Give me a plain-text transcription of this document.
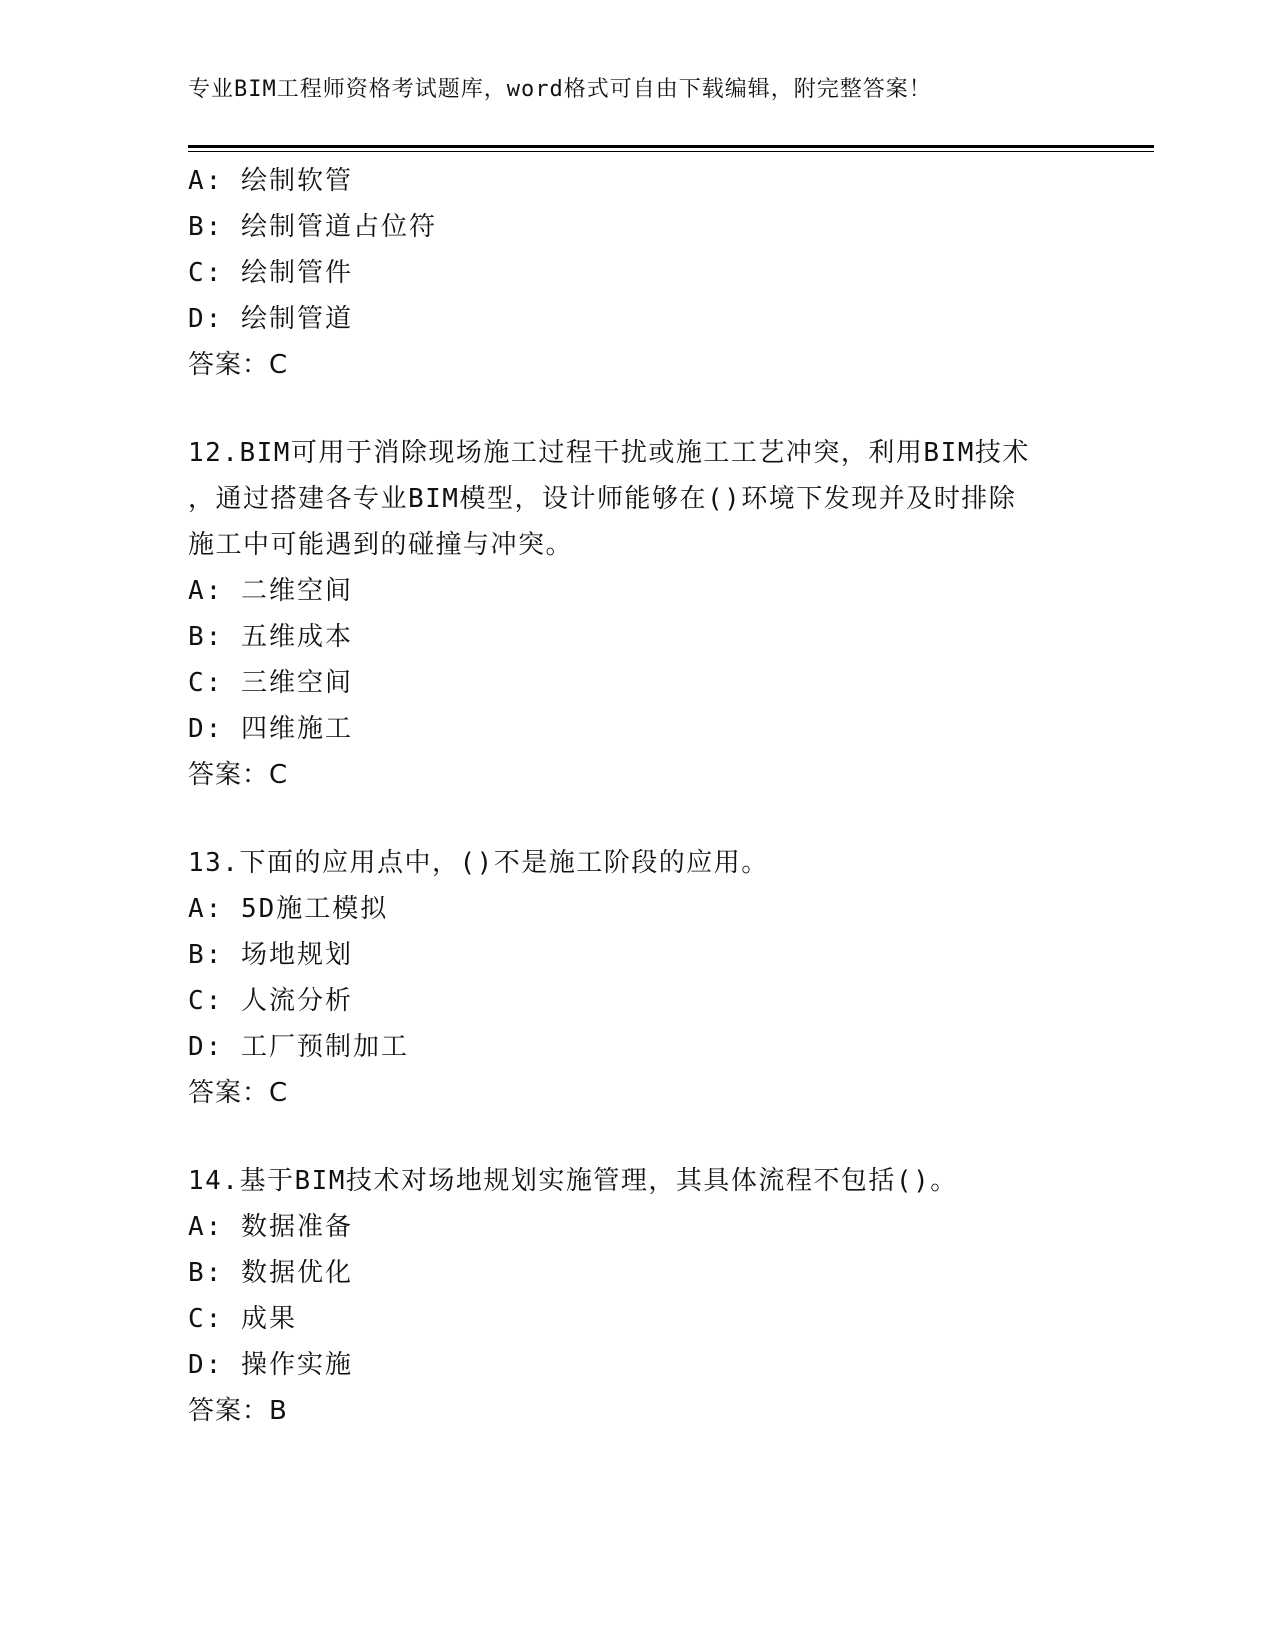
专业BIM工程师资格考试题库，word格式可自由下载编辑，附完整答案！
A: 绘制软管
B: 绘制管道占位符
C: 绘制管件
D: 绘制管道
答案：C
12.BIM可用于消除现场施工过程干扰或施工工艺冲突，利用BIM技术
，通过搭建各专业BIM模型，设计师能够在()环境下发现并及时排除
施工中可能遇到的碰撞与冲突。
A: 二维空间
B: 五维成本
C: 三维空间
D: 四维施工
答案：C
13.下面的应用点中，()不是施工阶段的应用。
A: 5D施工模拟
B: 场地规划
C: 人流分析
D: 工厂预制加工
答案：C
14.基于BIM技术对场地规划实施管理，其具体流程不包括()。
A: 数据准备
B: 数据优化
C: 成果
D: 操作实施
答案：B
